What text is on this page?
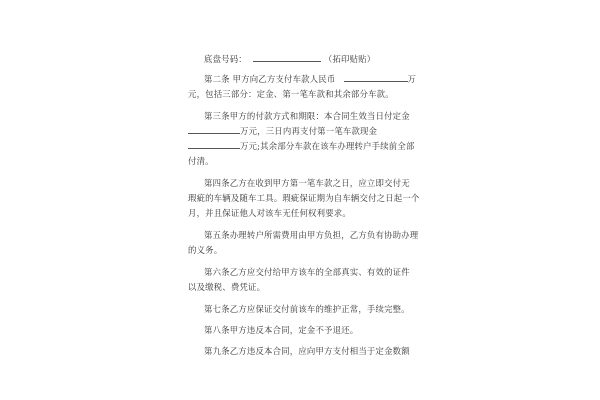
底盘号码：	（拓印贴贴）
第二条 甲方向乙方支付车款人民币	万
元，包括三部分：定金、第一笔车款和其余部分车款。
第三条甲方的付款方式和期限：本合同生效当日付定金
万元，三日内再支付第一笔车款现金
万元;其余部分车款在该车办理转户手续前全部
付清。
第四条乙方在收到甲方第一笔车款之日，应立即交付无
瑕疵的车辆及随车工具。瑕疵保证期为自车辆交付之日起一个
月，并且保证他人对该车无任何权利要求。
第五条办理转户所需费用由甲方负担，乙方负有协助办理
的义务。
第六条乙方应交付给甲方该车的全部真实、有效的证件
以及缴税、费凭证。
第七条乙方应保证交付前该车的维护正常，手续完整。
第八条甲方违反本合同，定金不予退还。
第九条乙方违反本合同，应向甲方支付相当于定金数额
